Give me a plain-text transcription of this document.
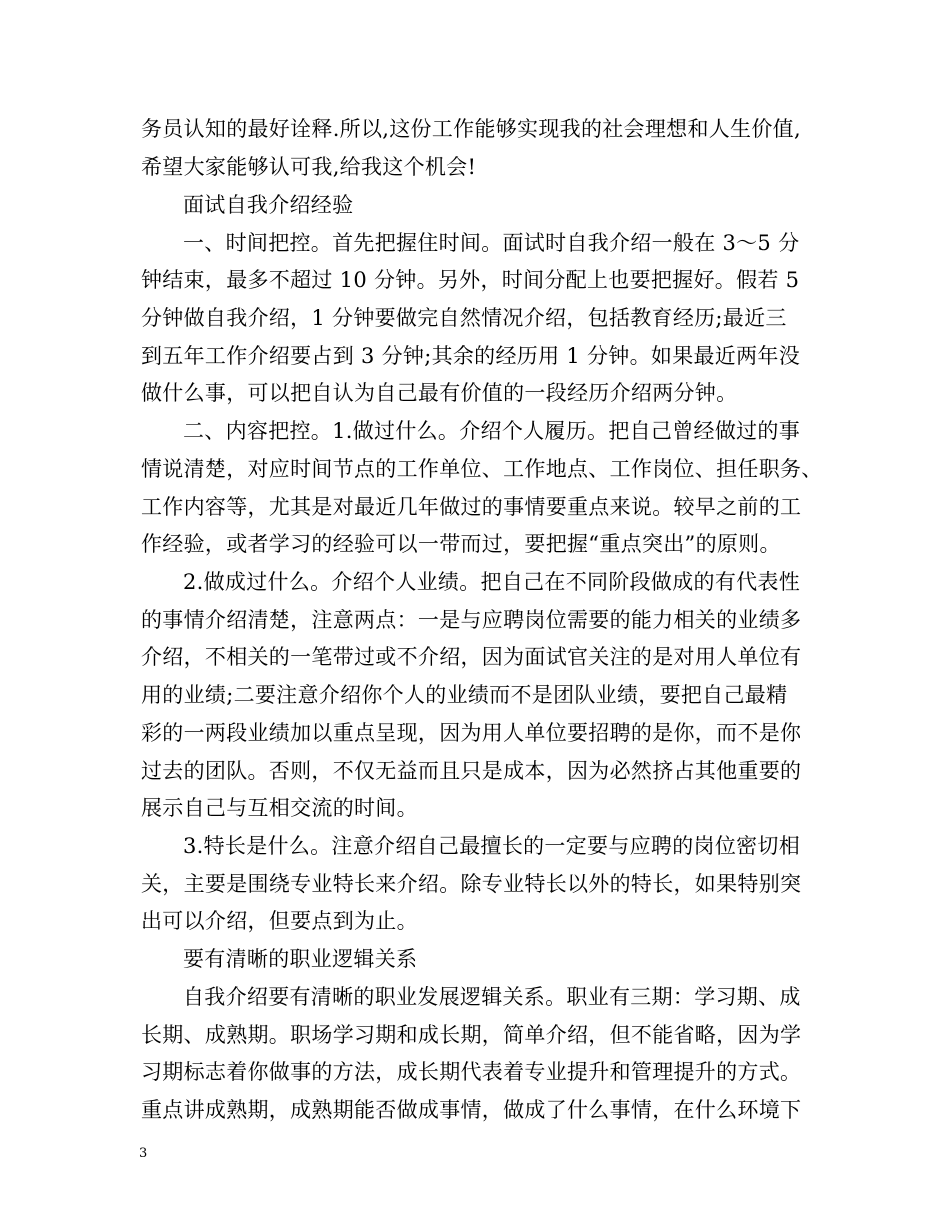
务员认知的最好诠释.所以,这份工作能够实现我的社会理想和人生价值,
希望大家能够认可我,给我这个机会!
面试自我介绍经验
一、时间把控。首先把握住时间。面试时自我介绍一般在 3～5 分
钟结束，最多不超过 10 分钟。另外，时间分配上也要把握好。假若 5
分钟做自我介绍，1 分钟要做完自然情况介绍，包括教育经历;最近三
到五年工作介绍要占到 3 分钟;其余的经历用 1 分钟。如果最近两年没
做什么事，可以把自认为自己最有价值的一段经历介绍两分钟。
二、内容把控。1.做过什么。介绍个人履历。把自己曾经做过的事
情说清楚，对应时间节点的工作单位、工作地点、工作岗位、担任职务、
工作内容等，尤其是对最近几年做过的事情要重点来说。较早之前的工
作经验，或者学习的经验可以一带而过，要把握“重点突出”的原则。
2.做成过什么。介绍个人业绩。把自己在不同阶段做成的有代表性
的事情介绍清楚，注意两点：一是与应聘岗位需要的能力相关的业绩多
介绍，不相关的一笔带过或不介绍，因为面试官关注的是对用人单位有
用的业绩;二要注意介绍你个人的业绩而不是团队业绩，要把自己最精
彩的一两段业绩加以重点呈现，因为用人单位要招聘的是你，而不是你
过去的团队。否则，不仅无益而且只是成本，因为必然挤占其他重要的
展示自己与互相交流的时间。
3.特长是什么。注意介绍自己最擅长的一定要与应聘的岗位密切相
关，主要是围绕专业特长来介绍。除专业特长以外的特长，如果特别突
出可以介绍，但要点到为止。
要有清晰的职业逻辑关系
自我介绍要有清晰的职业发展逻辑关系。职业有三期：学习期、成
长期、成熟期。职场学习期和成长期，简单介绍，但不能省略，因为学
习期标志着你做事的方法，成长期代表着专业提升和管理提升的方式。
重点讲成熟期，成熟期能否做成事情，做成了什么事情，在什么环境下
3
